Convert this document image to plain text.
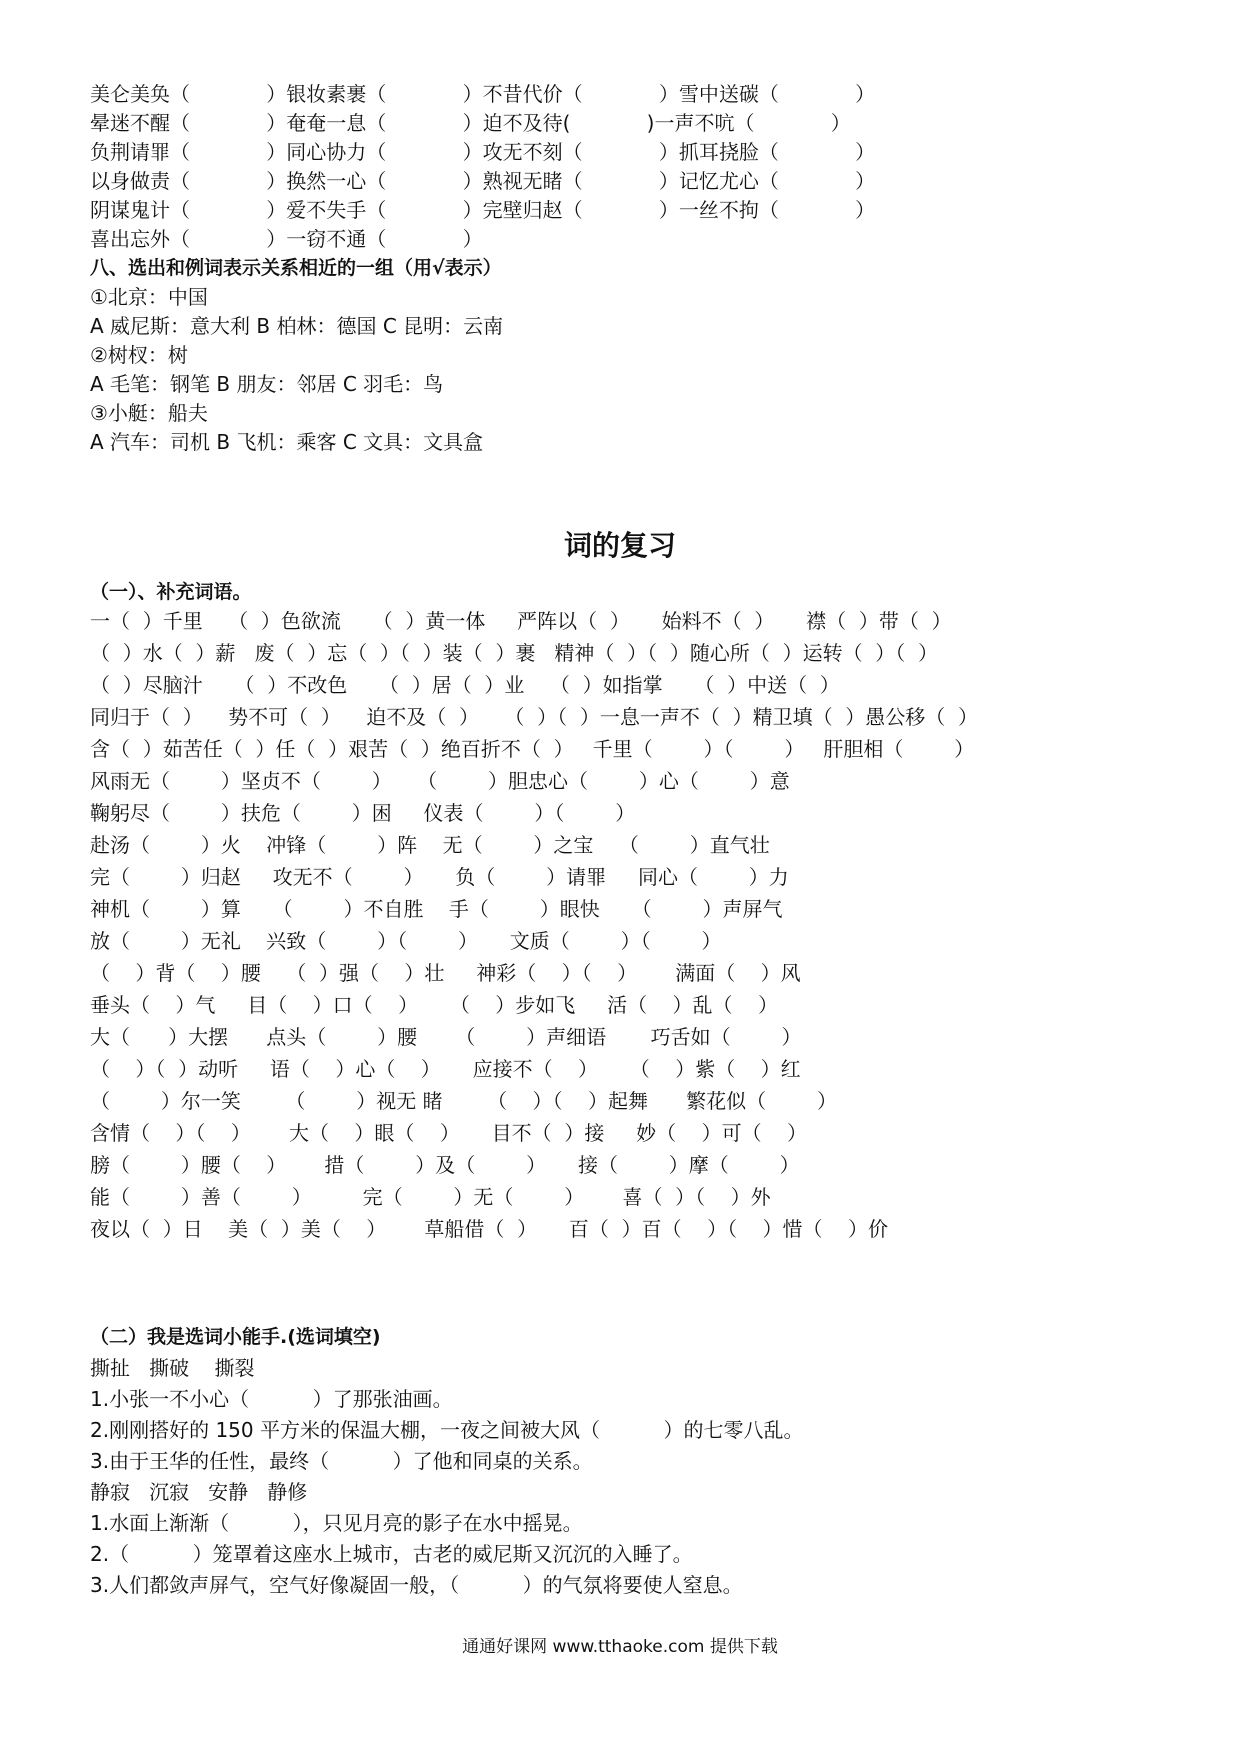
美仑美奂（            ）银妆素裹（            ）不昔代价（            ）雪中送碳（            ）
晕迷不醒（            ）奄奄一息（            ）迫不及待(            )一声不吭（            ）
负荆请罪（            ）同心协力（            ）攻无不刻（            ）抓耳挠脸（            ）
以身做责（            ）换然一心（            ）熟视无睹（            ）记忆尤心（            ）
阴谋鬼计（            ）爱不失手（            ）完壁归赵（            ）一丝不拘（            ）
喜出忘外（            ）一窃不通（            ）
八、选出和例词表示关系相近的一组（用√表示）
①北京：中国
A 威尼斯：意大利 B 柏林：德国 C 昆明：云南
②树杈：树
A 毛笔：钢笔 B 朋友：邻居 C 羽毛：鸟
③小艇：船夫
A 汽车：司机 B 飞机：乘客 C 文具：文具盒
词的复习
（一）、补充词语。
一（  ）千里    （  ）色欲流     （  ）黄一体     严阵以（  ）     始料不（  ）     襟（  ）带（  ）
（  ）水（  ）薪   废（  ）忘（  ）（  ）装（  ）裹   精神（  ）（  ）随心所（  ）运转（  ）（  ）
（  ）尽脑汁     （  ）不改色     （  ）居（  ）业    （  ）如指掌     （  ）中送（  ）
同归于（  ）    势不可（  ）    迫不及（  ）    （  ）（  ）一息一声不（  ）精卫填（  ）愚公移（  ）
含（  ）茹苦任（  ）任（  ）艰苦（  ）绝百折不（  ）   千里（        ）（        ）   肝胆相（        ）
风雨无（        ）坚贞不（        ）    （        ）胆忠心（        ）心（        ）意
鞠躬尽（        ）扶危（        ）困     仪表（        ）（        ）
赴汤（        ）火    冲锋（        ）阵    无（        ）之宝    （        ）直气壮
完（        ）归赵     攻无不（        ）     负（        ）请罪     同心（        ）力
神机（        ）算     （        ）不自胜    手（        ）眼快     （        ）声屏气
放（        ）无礼    兴致（        ）（        ）     文质（        ）（        ）
（    ）背（    ）腰    （  ）强（    ）壮     神彩（    ）（    ）      满面（    ）风
垂头（    ）气     目（    ）口（    ）     （    ）步如飞     活（    ）乱（    ）
大（      ）大摆      点头（        ）腰      （        ）声细语       巧舌如（        ）
（    ）（  ）动听     语（    ）心（    ）     应接不（    ）     （    ）紫（    ）红
（        ）尔一笑       （        ）视无 睹       （    ）（    ）起舞      繁花似（        ）
含情（    ）（    ）      大（    ）眼（    ）     目不（  ）接     妙（    ）可（    ）
膀（        ）腰（    ）      措（        ）及（        ）     接（        ）摩（        ）
能（        ）善（        ）        完（        ）无（        ）      喜（  ）（    ）外
夜以（  ）日    美（  ）美（    ）      草船借（  ）     百（  ）百（    ）（    ）惜（    ）价
（二）我是选词小能手.(选词填空)
撕扯   撕破    撕裂
1.小张一不小心（          ）了那张油画。
2.刚刚搭好的 150 平方米的保温大棚，一夜之间被大风（          ）的七零八乱。
3.由于王华的任性，最终（          ）了他和同桌的关系。
静寂   沉寂   安静   静修
1.水面上渐渐（          ），只见月亮的影子在水中摇晃。
2.（          ）笼罩着这座水上城市，古老的威尼斯又沉沉的入睡了。
3.人们都敛声屏气，空气好像凝固一般，（          ）的气氛将要使人窒息。
通通好课网 www.tthaoke.com 提供下载
